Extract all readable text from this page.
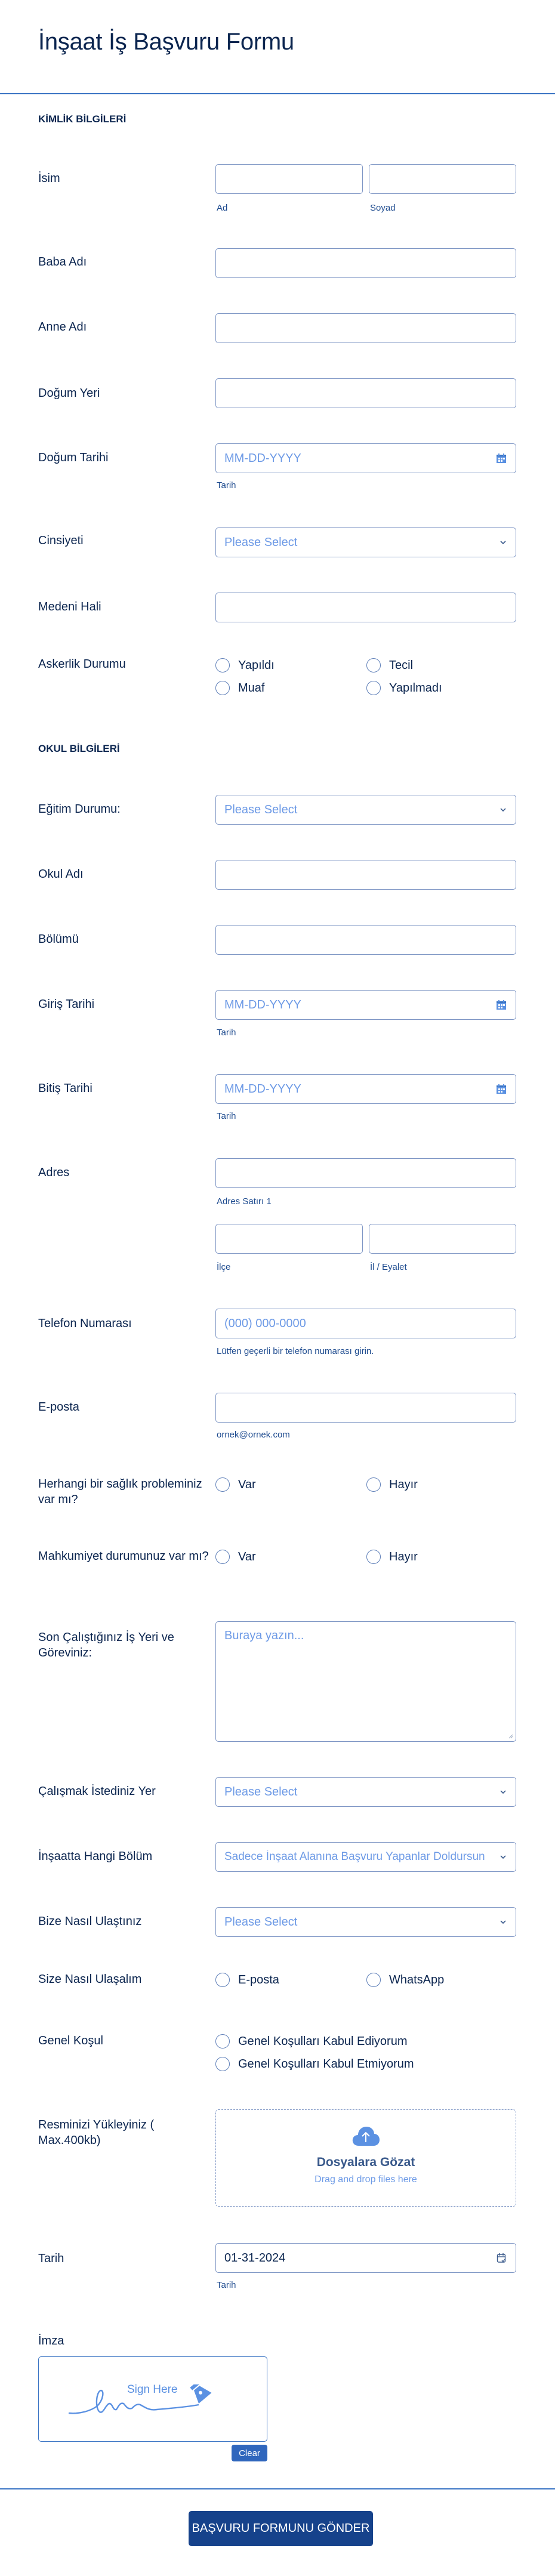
İnşaat İş Başvuru Formu
KİMLİK BİLGİLERİ
İsim
Ad	Soyad
Baba Adı
Anne Adı
Doğum Yeri
Doğum Tarihi	MM-DD-YYYY
Tarih
Cinsiyeti	Please Select
Medeni Hali
Askerlik Durumu	Yapıldı	Tecil
Muaf	Yapılmadı
OKUL BİLGİLERİ
Eğitim Durumu:	Please Select
Okul Adı
Bölümü
Giriş Tarihi	MM-DD-YYYY
Tarih
Bitiş Tarihi	MM-DD-YYYY
Tarih
Adres
Adres Satırı 1
İlçe	İl / Eyalet
Telefon Numarası	(000) 000-0000
Lütfen geçerli bir telefon numarası girin.
E-posta
ornek@ornek.com
Herhangi bir sağlık probleminiz var mı?
Var	Hayır
Mahkumiyet durumunuz var mı? Var	Hayır
Son Çalıştığınız İş Yeri ve Göreviniz:
Buraya yazın...
Çalışmak İstediniz Yer	Please Select
İnşaatta Hangi Bölüm	Sadece İnşaat Alanına Başvuru Yapanlar Doldursun
Bize Nasıl Ulaştınız	Please Select
Size Nasıl Ulaşalım	E-posta	WhatsApp
Genel Koşul	Genel Koşulları Kabul Ediyorum
Genel Koşulları Kabul Etmiyorum
Resminizi Yükleyiniz ( Max.400kb)
Dosyalara Gözat
Drag and drop files here
Tarih	01-31-2024
Tarih
İmza
Sign Here
Clear
BAŞVURU FORMUNU GÖNDER
